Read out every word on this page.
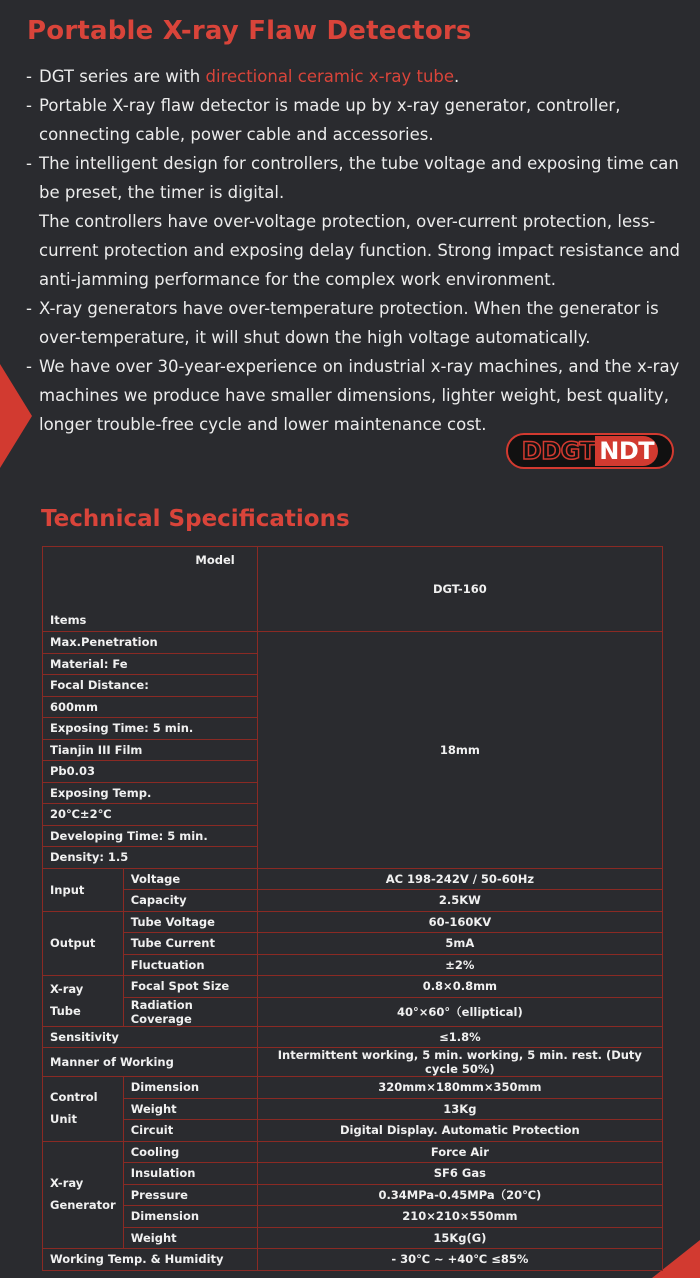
Portable X-ray Flaw Detectors
- DGT series are with directional ceramic x-ray tube.
- Portable X-ray flaw detector is made up by x-ray generator, controller, connecting cable, power cable and accessories.
- The intelligent design for controllers, the tube voltage and exposing time can be preset, the timer is digital.
The controllers have over-voltage protection, over-current protection, less-current protection and exposing delay function. Strong impact resistance and anti-jamming performance for the complex work environment.
- X-ray generators have over-temperature protection. When the generator is over-temperature, it will shut down the high voltage automatically.
- We have over 30-year-experience on industrial x-ray machines, and the x-ray machines we produce have smaller dimensions, lighter weight, best quality, longer trouble-free cycle and lower maintenance cost.
DDGT NDT
Technical Specifications
Model
Items		DGT-160
Max.Penetration		18mm
Material: Fe		
Focal Distance:		
600mm		
Exposing Time: 5 min.		
Tianjin III Film		
Pb0.03		
Exposing Temp.		
20℃±2℃		
Developing Time: 5 min.		
Density: 1.5		
Input	Voltage	AC 198-242V / 50-60Hz
	Capacity	2.5KW
Output	Tube Voltage	60-160KV
	Tube Current	5mA
	Fluctuation	±2%

X-ray
Tube	Focal Spot Size	0.8×0.8mm
	Radiation Coverage	40°×60°（elliptical)
Sensitivity		≤1.8%
Manner of Working		Intermittent working, 5 min. working, 5 min. rest. (Duty cycle 50%)

Control
Unit	Dimension	320mm×180mm×350mm
	Weight	13Kg
	Circuit	Digital Display. Automatic Protection

X-ray
Generator	Cooling	Force Air
	Insulation	SF6 Gas
	Pressure	0.34MPa-0.45MPa（20℃)
	Dimension	210×210×550mm
	Weight	15Kg(G)
Working Temp. & Humidity		- 30℃ ~ +40℃ ≤85%
